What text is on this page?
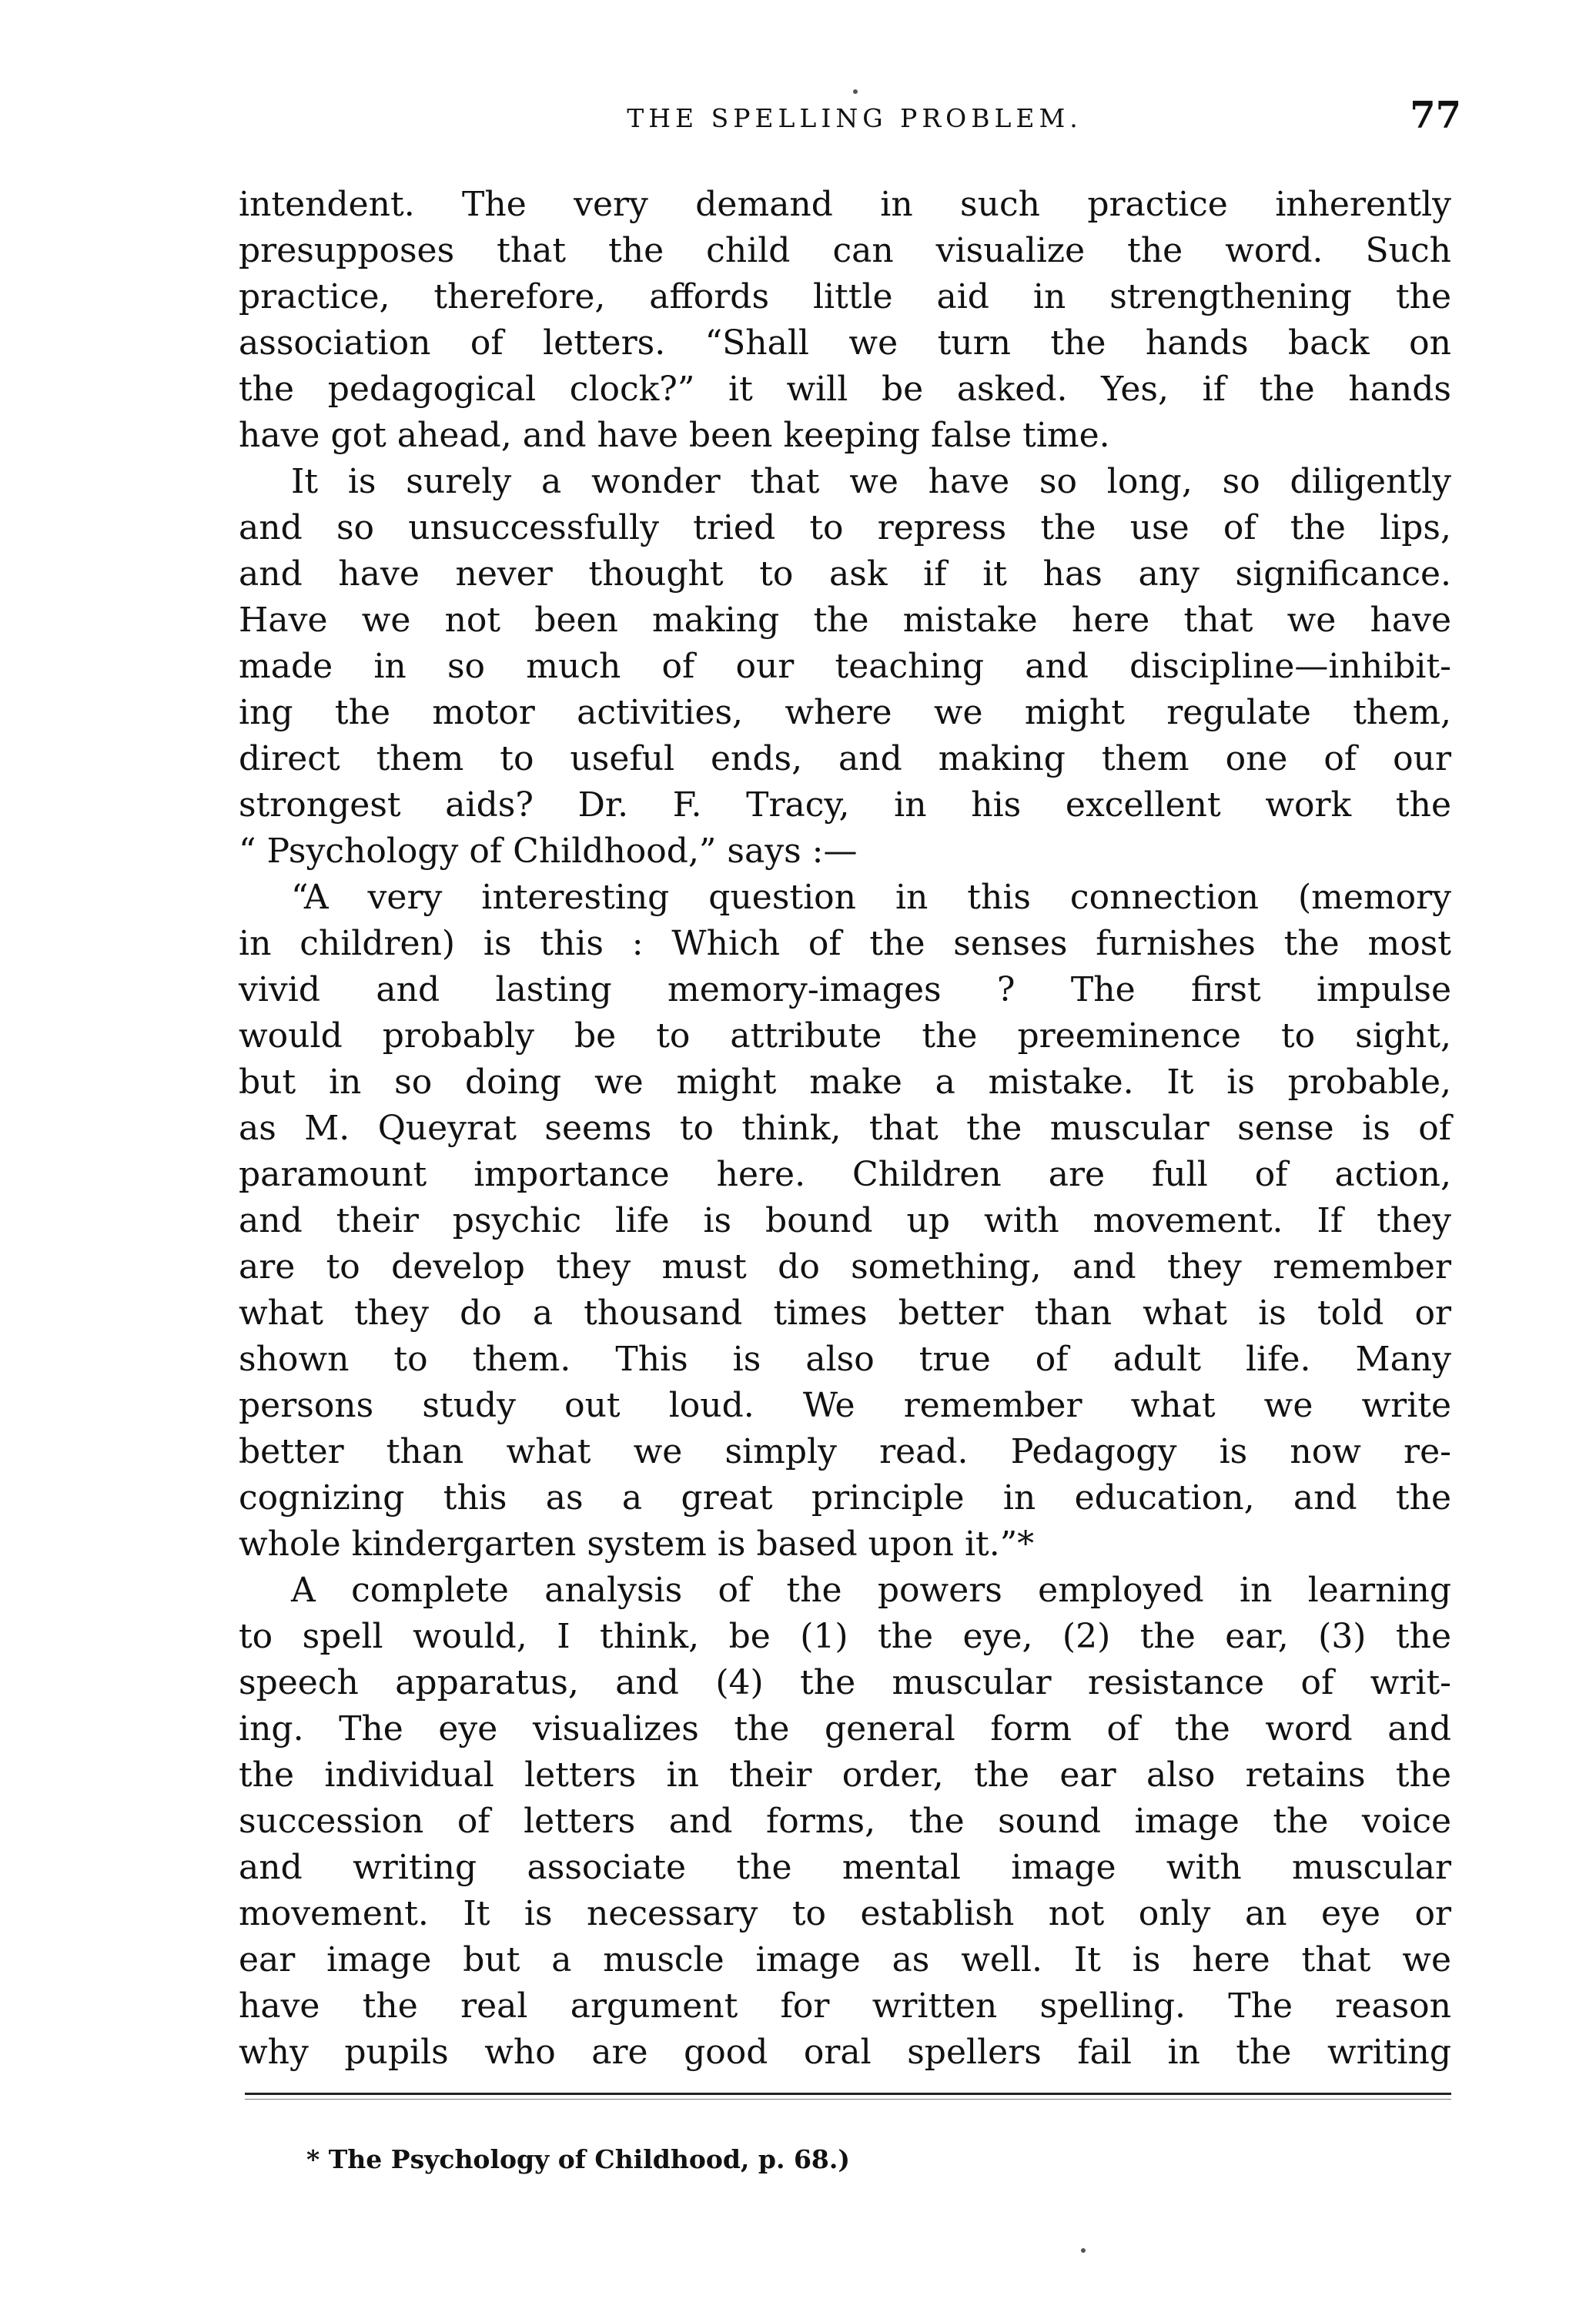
THE SPELLING PROBLEM.	77
intendent. The very demand in such practice inherently
presupposes that the child can visualize the word. Such
practice, therefore, affords little aid in strengthening the
association of letters. “Shall we turn the hands back on
the pedagogical clock?” it will be asked. Yes, if the hands
have got ahead, and have been keeping false time.
It is surely a wonder that we have so long, so diligently
and so unsuccessfully tried to repress the use of the lips,
and have never thought to ask if it has any significance.
Have we not been making the mistake here that we have
made in so much of our teaching and discipline—inhibit-
ing the motor activities, where we might regulate them,
direct them to useful ends, and making them one of our
strongest aids? Dr. F. Tracy, in his excellent work the
“ Psychology of Childhood,” says :—
“A very interesting question in this connection (memory
in children) is this : Which of the senses furnishes the most
vivid and lasting memory-images ? The first impulse
would probably be to attribute the preeminence to sight,
but in so doing we might make a mistake. It is probable,
as M. Queyrat seems to think, that the muscular sense is of
paramount importance here. Children are full of action,
and their psychic life is bound up with movement. If they
are to develop they must do something, and they remember
what they do a thousand times better than what is told or
shown to them. This is also true of adult life. Many
persons study out loud. We remember what we write
better than what we simply read. Pedagogy is now re-
cognizing this as a great principle in education, and the
whole kindergarten system is based upon it.”*
A complete analysis of the powers employed in learning
to spell would, I think, be (1) the eye, (2) the ear, (3) the
speech apparatus, and (4) the muscular resistance of writ-
ing. The eye visualizes the general form of the word and
the individual letters in their order, the ear also retains the
succession of letters and forms, the sound image the voice
and writing associate the mental image with muscular
movement. It is necessary to establish not only an eye or
ear image but a muscle image as well. It is here that we
have the real argument for written spelling. The reason
why pupils who are good oral spellers fail in the writing
* The Psychology of Childhood, p. 68.)
